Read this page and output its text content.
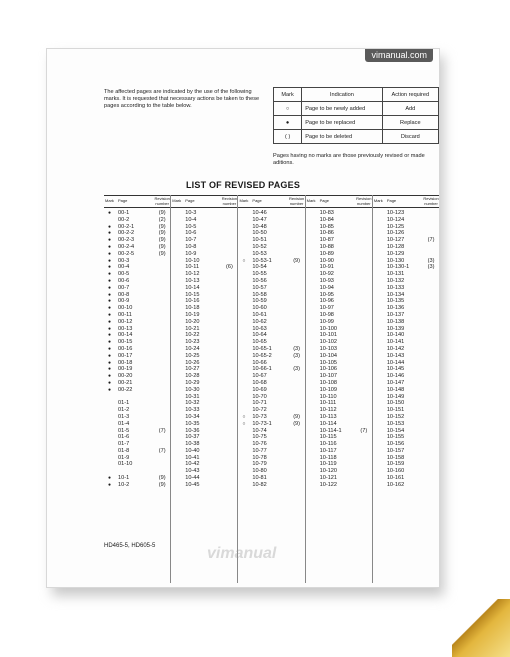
vimanual.com
The affected pages are indicated by the use of the following marks. It is requested that necessary actions be taken to these pages according to the table below.
Mark	Indication	Action required
○	Page to be newly added	Add
●	Page to be replaced	Replace
( )	Page to be deleted	Discard
Pages having no marks are those previously revised or made aditions.
LIST OF REVISED PAGES
Mark	Page	Revision number
●	00-1	(9)
00-2	(2)
●	00-2-1	(9)
●	00-2-2	(9)
●	00-2-3	(9)
●	00-2-4	(9)
●	00-2-5	(9)
●	00-3
●	00-4
●	00-5
●	00-6
●	00-7
●	00-8
●	00-9
●	00-10
●	00-11
●	00-12
●	00-13
●	00-14
●	00-15
●	00-16
●	00-17
●	00-18
●	00-19
●	00-20
●	00-21
●	00-22
01-1
01-2
01-3
01-4
01-5	(7)
01-6
01-7
01-8	(7)
01-9
01-10
●	10-1	(9)
●	10-2	(9)
Mark	Page	Revision number
10-3
10-4
10-5
10-6
10-7
10-8
10-9
10-10
10-11	(6)
10-12
10-13
10-14
10-15
10-16
10-18
10-19
10-20
10-21
10-22
10-23
10-24
10-25
10-26
10-27
10-28
10-29
10-30
10-31
10-32
10-33
10-34
10-35
10-36
10-37
10-38
10-40
10-41
10-42
10-43
10-44
10-45
Mark	Page	Revision number
10-46
10-47
10-48
10-50
10-51
10-52
10-53
○	10-53-1	(9)
10-54
10-55
10-56
10-57
10-58
10-59
10-60
10-61
10-62
10-63
10-64
10-65
10-65-1	(3)
10-65-2	(3)
10-66
10-66-1	(3)
10-67
10-68
10-69
10-70
10-71
10-72
○	10-73	(9)
○	10-73-1	(9)
10-74
10-75
10-76
10-77
10-78
10-79
10-80
10-81
10-82
Mark	Page	Revision number
10-83
10-84
10-85
10-86
10-87
10-88
10-89
10-90
10-91
10-92
10-93
10-94
10-95
10-96
10-97
10-98
10-99
10-100
10-101
10-102
10-103
10-104
10-105
10-106
10-107
10-108
10-109
10-110
10-111
10-112
10-113
10-114
10-114-1	(7)
10-115
10-116
10-117
10-118
10-119
10-120
10-121
10-122
Mark	Page	Revision number
10-123
10-124
10-125
10-126
10-127	(7)
10-128
10-129
10-130	(3)
10-130-1	(3)
10-131
10-132
10-133
10-134
10-135
10-136
10-137
10-138
10-139
10-140
10-141
10-142
10-143
10-144
10-145
10-146
10-147
10-148
10-149
10-150
10-151
10-152
10-153
10-154
10-155
10-156
10-157
10-158
10-159
10-160
10-161
10-162
vimanual
HD465-5, HD605-5
